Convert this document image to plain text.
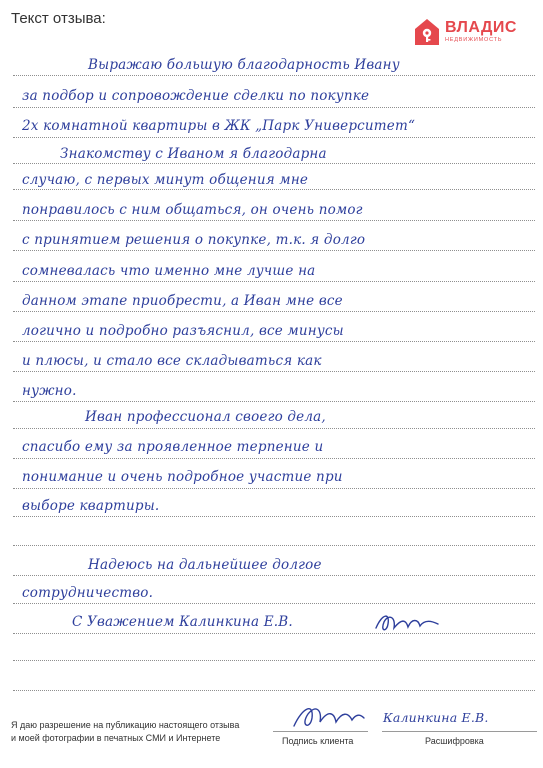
Текст отзыва:
ВЛАДИС
НЕДВИЖИМОСТЬ
Выражаю большую благодарность Ивану
за подбор и сопровождение сделки по покупке
2х комнатной квартиры в ЖК „Парк Университет“
Знакомству с Иваном я благодарна
случаю, с первых минут общения мне
понравилось с ним общаться, он очень помог
с принятием решения о покупке, т.к. я долго
сомневалась что именно мне лучше на
данном этапе приобрести, а Иван мне все
логично и подробно разъяснил, все минусы
и плюсы, и стало все складываться как
нужно.
Иван профессионал своего дела,
спасибо ему за проявленное терпение и
понимание и очень подробное участие при
выборе квартиры.
Надеюсь на дальнейшее долгое
сотрудничество.
С Уважением Калинкина Е.В.
Я даю разрешение на публикацию настоящего отзыва
и моей фотографии в печатных СМИ и Интернете
Калинкина Е.В.
Подпись клиента	Расшифровка
